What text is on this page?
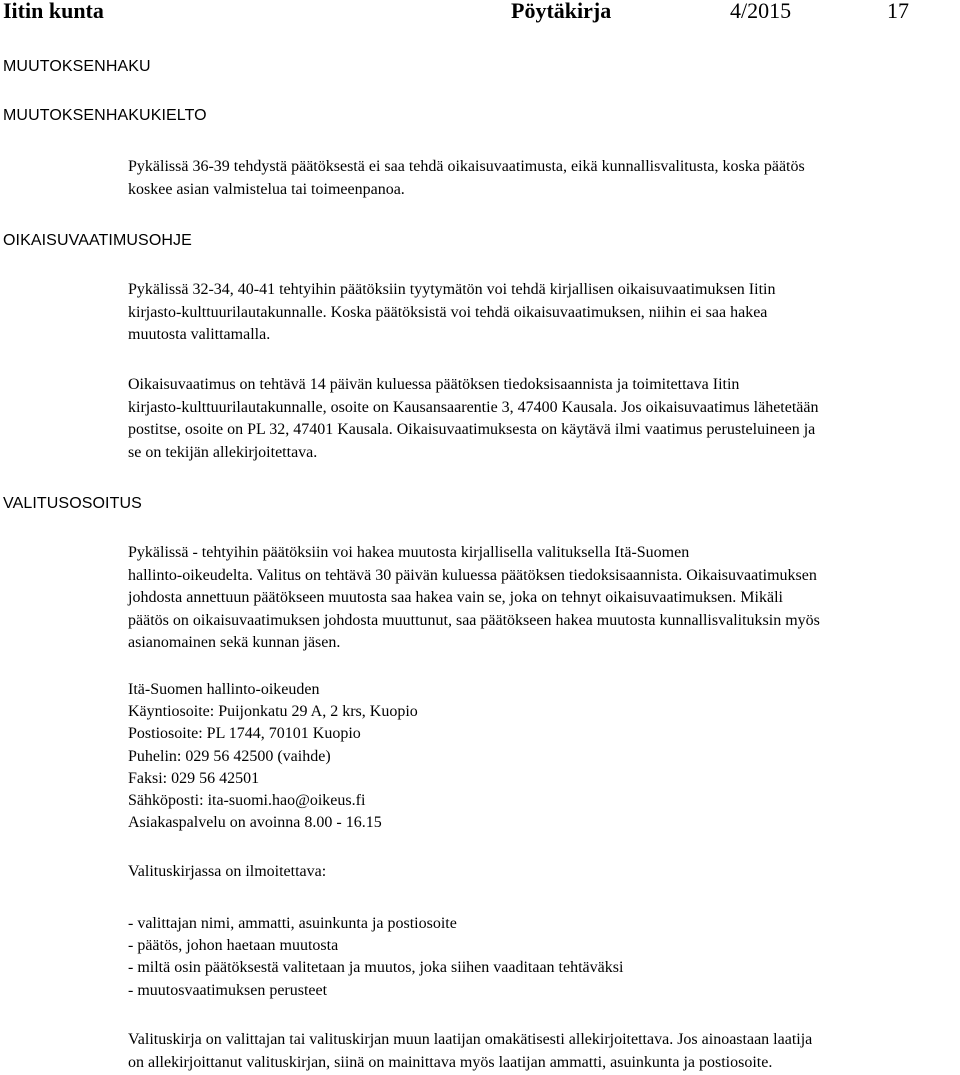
Iitin kunta	Pöytäkirja	4/2015	17
MUUTOKSENHAKU
MUUTOKSENHAKUKIELTO
OIKAISUVAATIMUSOHJE
VALITUSOSOITUS
Pykälissä 36-39 tehdystä päätöksestä ei saa tehdä oikaisuvaatimusta, eikä kunnallisvalitusta, koska päätös
koskee asian valmistelua tai toimeenpanoa.
Pykälissä 32-34, 40-41 tehtyihin päätöksiin tyytymätön voi tehdä kirjallisen oikaisuvaatimuksen Iitin
kirjasto-kulttuurilautakunnalle. Koska päätöksistä voi tehdä oikaisuvaatimuksen, niihin ei saa hakea
muutosta valittamalla.
Oikaisuvaatimus on tehtävä 14 päivän kuluessa päätöksen tiedoksisaannista ja toimitettava Iitin
kirjasto-kulttuurilautakunnalle, osoite on Kausansaarentie 3, 47400 Kausala. Jos oikaisuvaatimus lähetetään
postitse, osoite on PL 32, 47401 Kausala. Oikaisuvaatimuksesta on käytävä ilmi vaatimus perusteluineen ja
se on tekijän allekirjoitettava.
Pykälissä - tehtyihin päätöksiin voi hakea muutosta kirjallisella valituksella Itä-Suomen
hallinto-oikeudelta. Valitus on tehtävä 30 päivän kuluessa päätöksen tiedoksisaannista. Oikaisuvaatimuksen
johdosta annettuun päätökseen muutosta saa hakea vain se, joka on tehnyt oikaisuvaatimuksen. Mikäli
päätös on oikaisuvaatimuksen johdosta muuttunut, saa päätökseen hakea muutosta kunnallisvalituksin myös
asianomainen sekä kunnan jäsen.
Itä-Suomen hallinto-oikeuden
Käyntiosoite: Puijonkatu 29 A, 2 krs, Kuopio
Postiosoite: PL 1744, 70101 Kuopio
Puhelin: 029 56 42500 (vaihde)
Faksi: 029 56 42501
Sähköposti: ita-suomi.hao@oikeus.fi
Asiakaspalvelu on avoinna 8.00 - 16.15
Valituskirjassa on ilmoitettava:
- valittajan nimi, ammatti, asuinkunta ja postiosoite
- päätös, johon haetaan muutosta
- miltä osin päätöksestä valitetaan ja muutos, joka siihen vaaditaan tehtäväksi
- muutosvaatimuksen perusteet
Valituskirja on valittajan tai valituskirjan muun laatijan omakätisesti allekirjoitettava. Jos ainoastaan laatija
on allekirjoittanut valituskirjan, siinä on mainittava myös laatijan ammatti, asuinkunta ja postiosoite.
